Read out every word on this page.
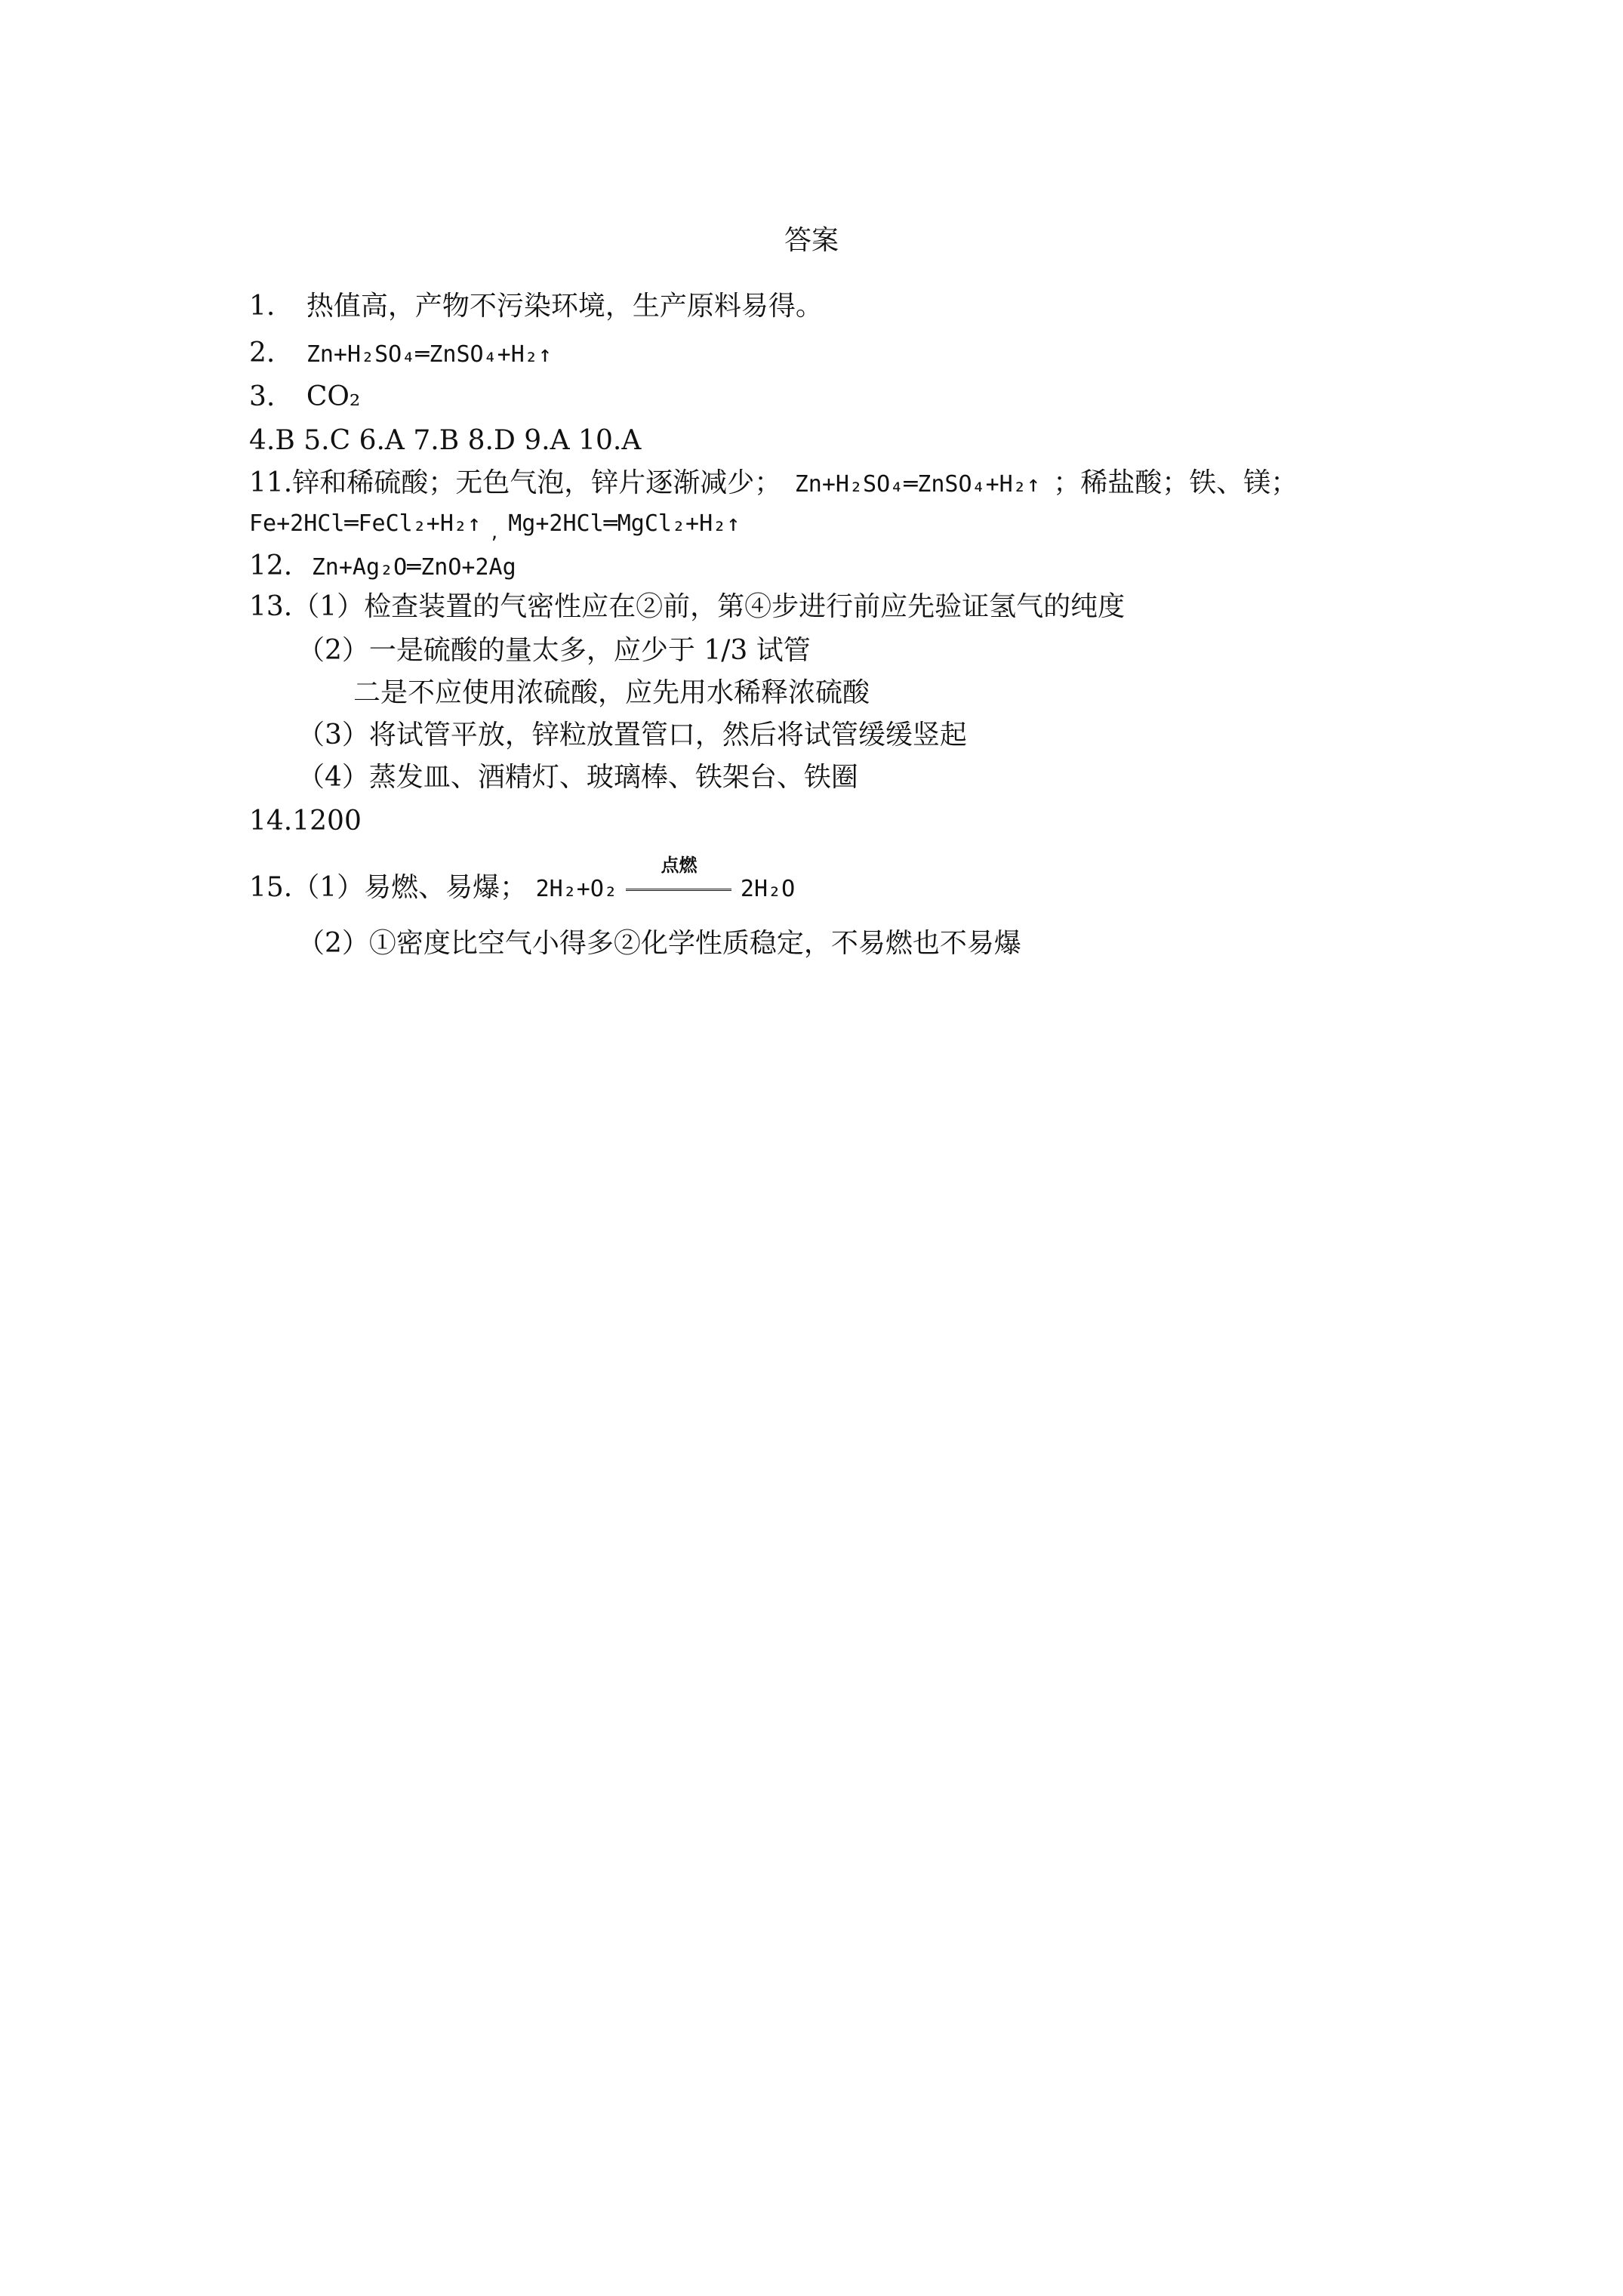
答案
1. 热值高，产物不污染环境，生产原料易得。
2. Zn+H₂SO₄═ZnSO₄+H₂↑
3. CO₂
4.B 5.C 6.A 7.B 8.D 9.A 10.A
11.锌和稀硫酸；无色气泡，锌片逐渐减少； Zn+H₂SO₄═ZnSO₄+H₂↑ ；稀盐酸；铁、镁；
Fe+2HCl═FeCl₂+H₂↑ $_,$ Mg+2HCl═MgCl₂+H₂↑
12. Zn+Ag₂O═ZnO+2Ag
13.（1）检查装置的气密性应在②前，第④步进行前应先验证氢气的纯度
（2）一是硫酸的量太多，应少于 1/3 试管
二是不应使用浓硫酸，应先用水稀释浓硫酸
（3）将试管平放，锌粒放置管口，然后将试管缓缓竖起
（4）蒸发皿、酒精灯、玻璃棒、铁架台、铁圈
14.1200
15.（1）易燃、易爆； 2H₂+O₂
点燃
2H₂O
（2）①密度比空气小得多②化学性质稳定，不易燃也不易爆
